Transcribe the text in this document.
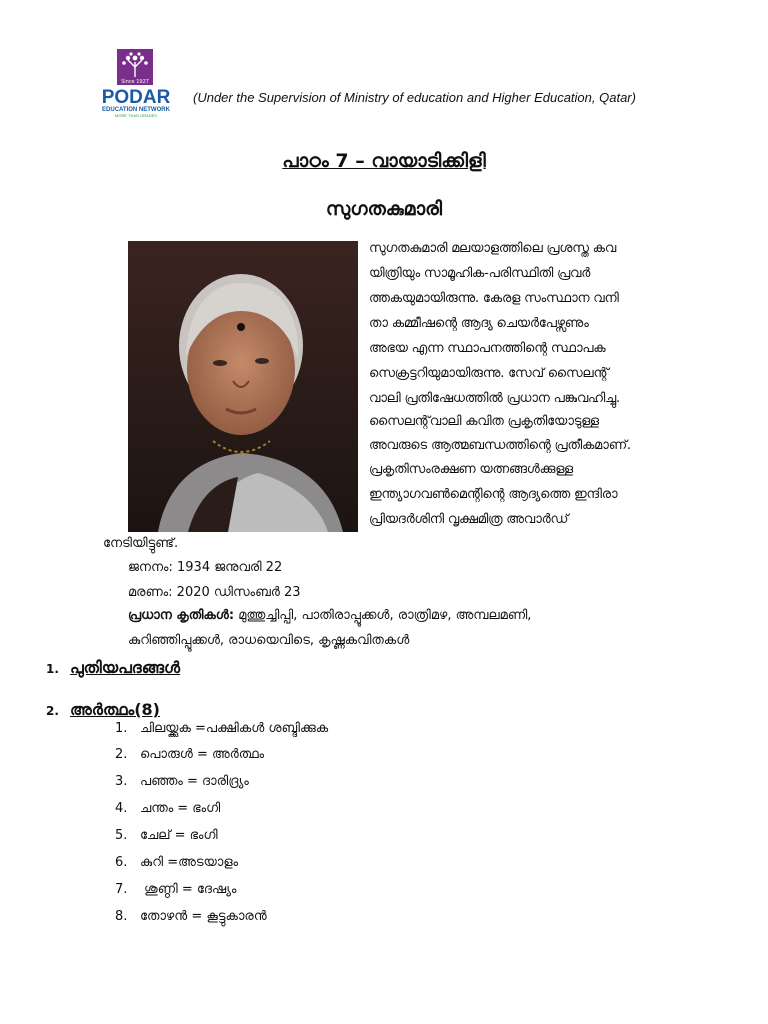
Since 1927
PODAR
EDUCATION NETWORK
MORE THAN GRADES
(Under the Supervision of Ministry of education and Higher Education, Qatar)
പാഠം 7 – വായാടിക്കിളി
സുഗതകുമാരി
സുഗതകുമാരി മലയാളത്തിലെ പ്രശസ്ത കവ
യിത്രിയും സാമൂഹിക-പരിസ്ഥിതി പ്രവർ
ത്തകയുമായിരുന്നു. കേരള സംസ്ഥാന വനി
താ കമ്മീഷന്റെ ആദ്യ ചെയർപേഴ്സണും
അഭയ എന്ന സ്ഥാപനത്തിന്റെ സ്ഥാപക
സെക്രട്ടറിയുമായിരുന്നു. സേവ് സൈലന്റ്
വാലി പ്രതിഷേധത്തിൽ പ്രധാന പങ്കുവഹിച്ചു.
സൈലന്റ്‌വാലി കവിത പ്രകൃതിയോടുള്ള
അവരുടെ ആത്മബന്ധത്തിന്റെ പ്രതീകമാണ്.
പ്രകൃതിസംരക്ഷണ യത്നങ്ങൾക്കുള്ള
ഇന്ത്യാഗവൺമെന്റിന്റെ ആദ്യത്തെ ഇന്ദിരാ
പ്രിയദർശിനി വൃക്ഷമിത്ര അവാർഡ്
നേടിയിട്ടുണ്ട്.
ജനനം: 1934 ജനുവരി 22
മരണം: 2020 ഡിസംബർ 23
പ്രധാന കൃതികൾ: മുത്തുച്ചിപ്പി, പാതിരാപ്പൂക്കൾ, രാത്രിമഴ, അമ്പലമണി,
കുറിഞ്ഞിപ്പൂക്കൾ, രാധയെവിടെ, കൃഷ്ണകവിതകൾ
1. പുതിയപദങ്ങൾ
2. അർത്ഥം(8)
1. ചിലയ്ക്കുക =പക്ഷികൾ ശബ്ദിക്കുക
2. പൊരുൾ = അർത്ഥം
3. പഞ്ഞം = ദാരിദ്ര്യം
4. ചന്തം = ഭംഗി
5. ചേല് = ഭംഗി
6. കുറി =അടയാളം
7. ശുണ്ഠി = ദേഷ്യം
8. തോഴൻ = കൂട്ടുകാരൻ
